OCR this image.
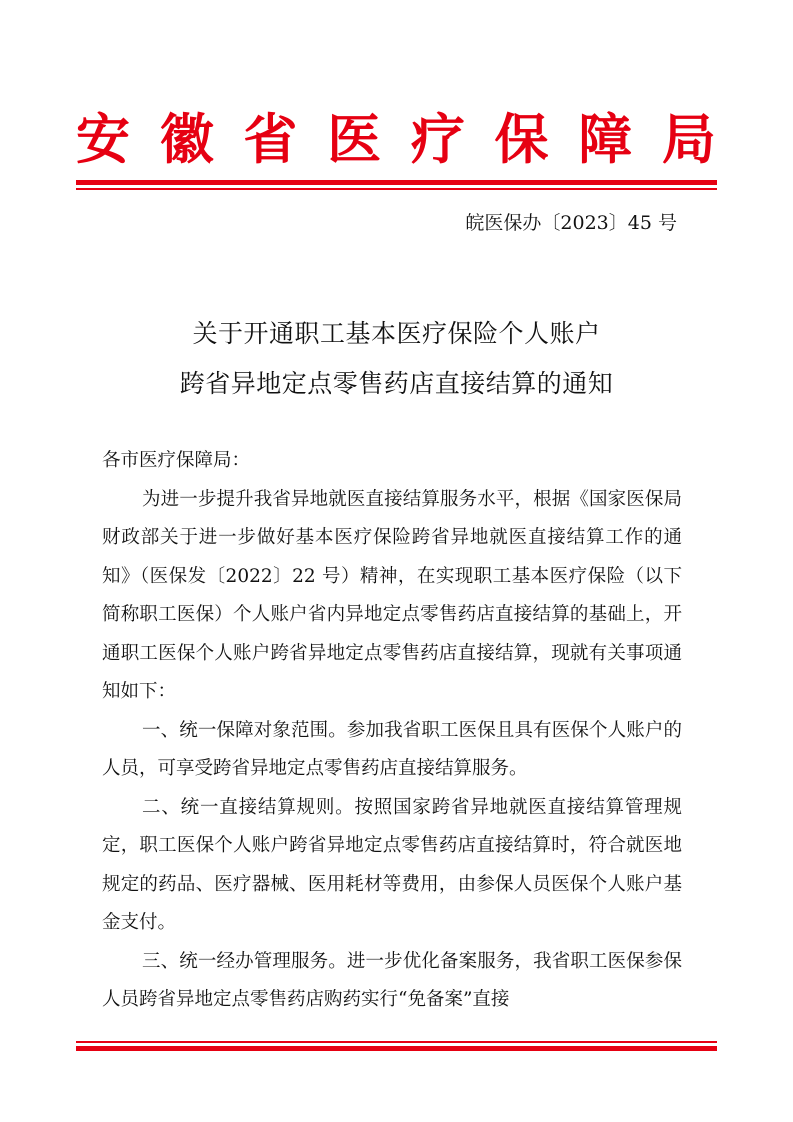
安 徽 省 医 疗 保 障 局
皖医保办〔2023〕45 号
关于开通职工基本医疗保险个人账户
跨省异地定点零售药店直接结算的通知

各市医疗保障局：

为进一步提升我省异地就医直接结算服务水平，根据《国家医保局 财政部关于进一步做好基本医疗保险跨省异地就医直接结算工作的通知》（医保发〔2022〕22 号）精神，在实现职工基本医疗保险（以下简称职工医保）个人账户省内异地定点零售药店直接结算的基础上，开通职工医保个人账户跨省异地定点零售药店直接结算，现就有关事项通知如下：

一、统一保障对象范围。参加我省职工医保且具有医保个人账户的人员，可享受跨省异地定点零售药店直接结算服务。

二、统一直接结算规则。按照国家跨省异地就医直接结算管理规定，职工医保个人账户跨省异地定点零售药店直接结算时，符合就医地规定的药品、医疗器械、医用耗材等费用，由参保人员医保个人账户基金支付。

三、统一经办管理服务。进一步优化备案服务，我省职工医保参保人员跨省异地定点零售药店购药实行“免备案”直接
